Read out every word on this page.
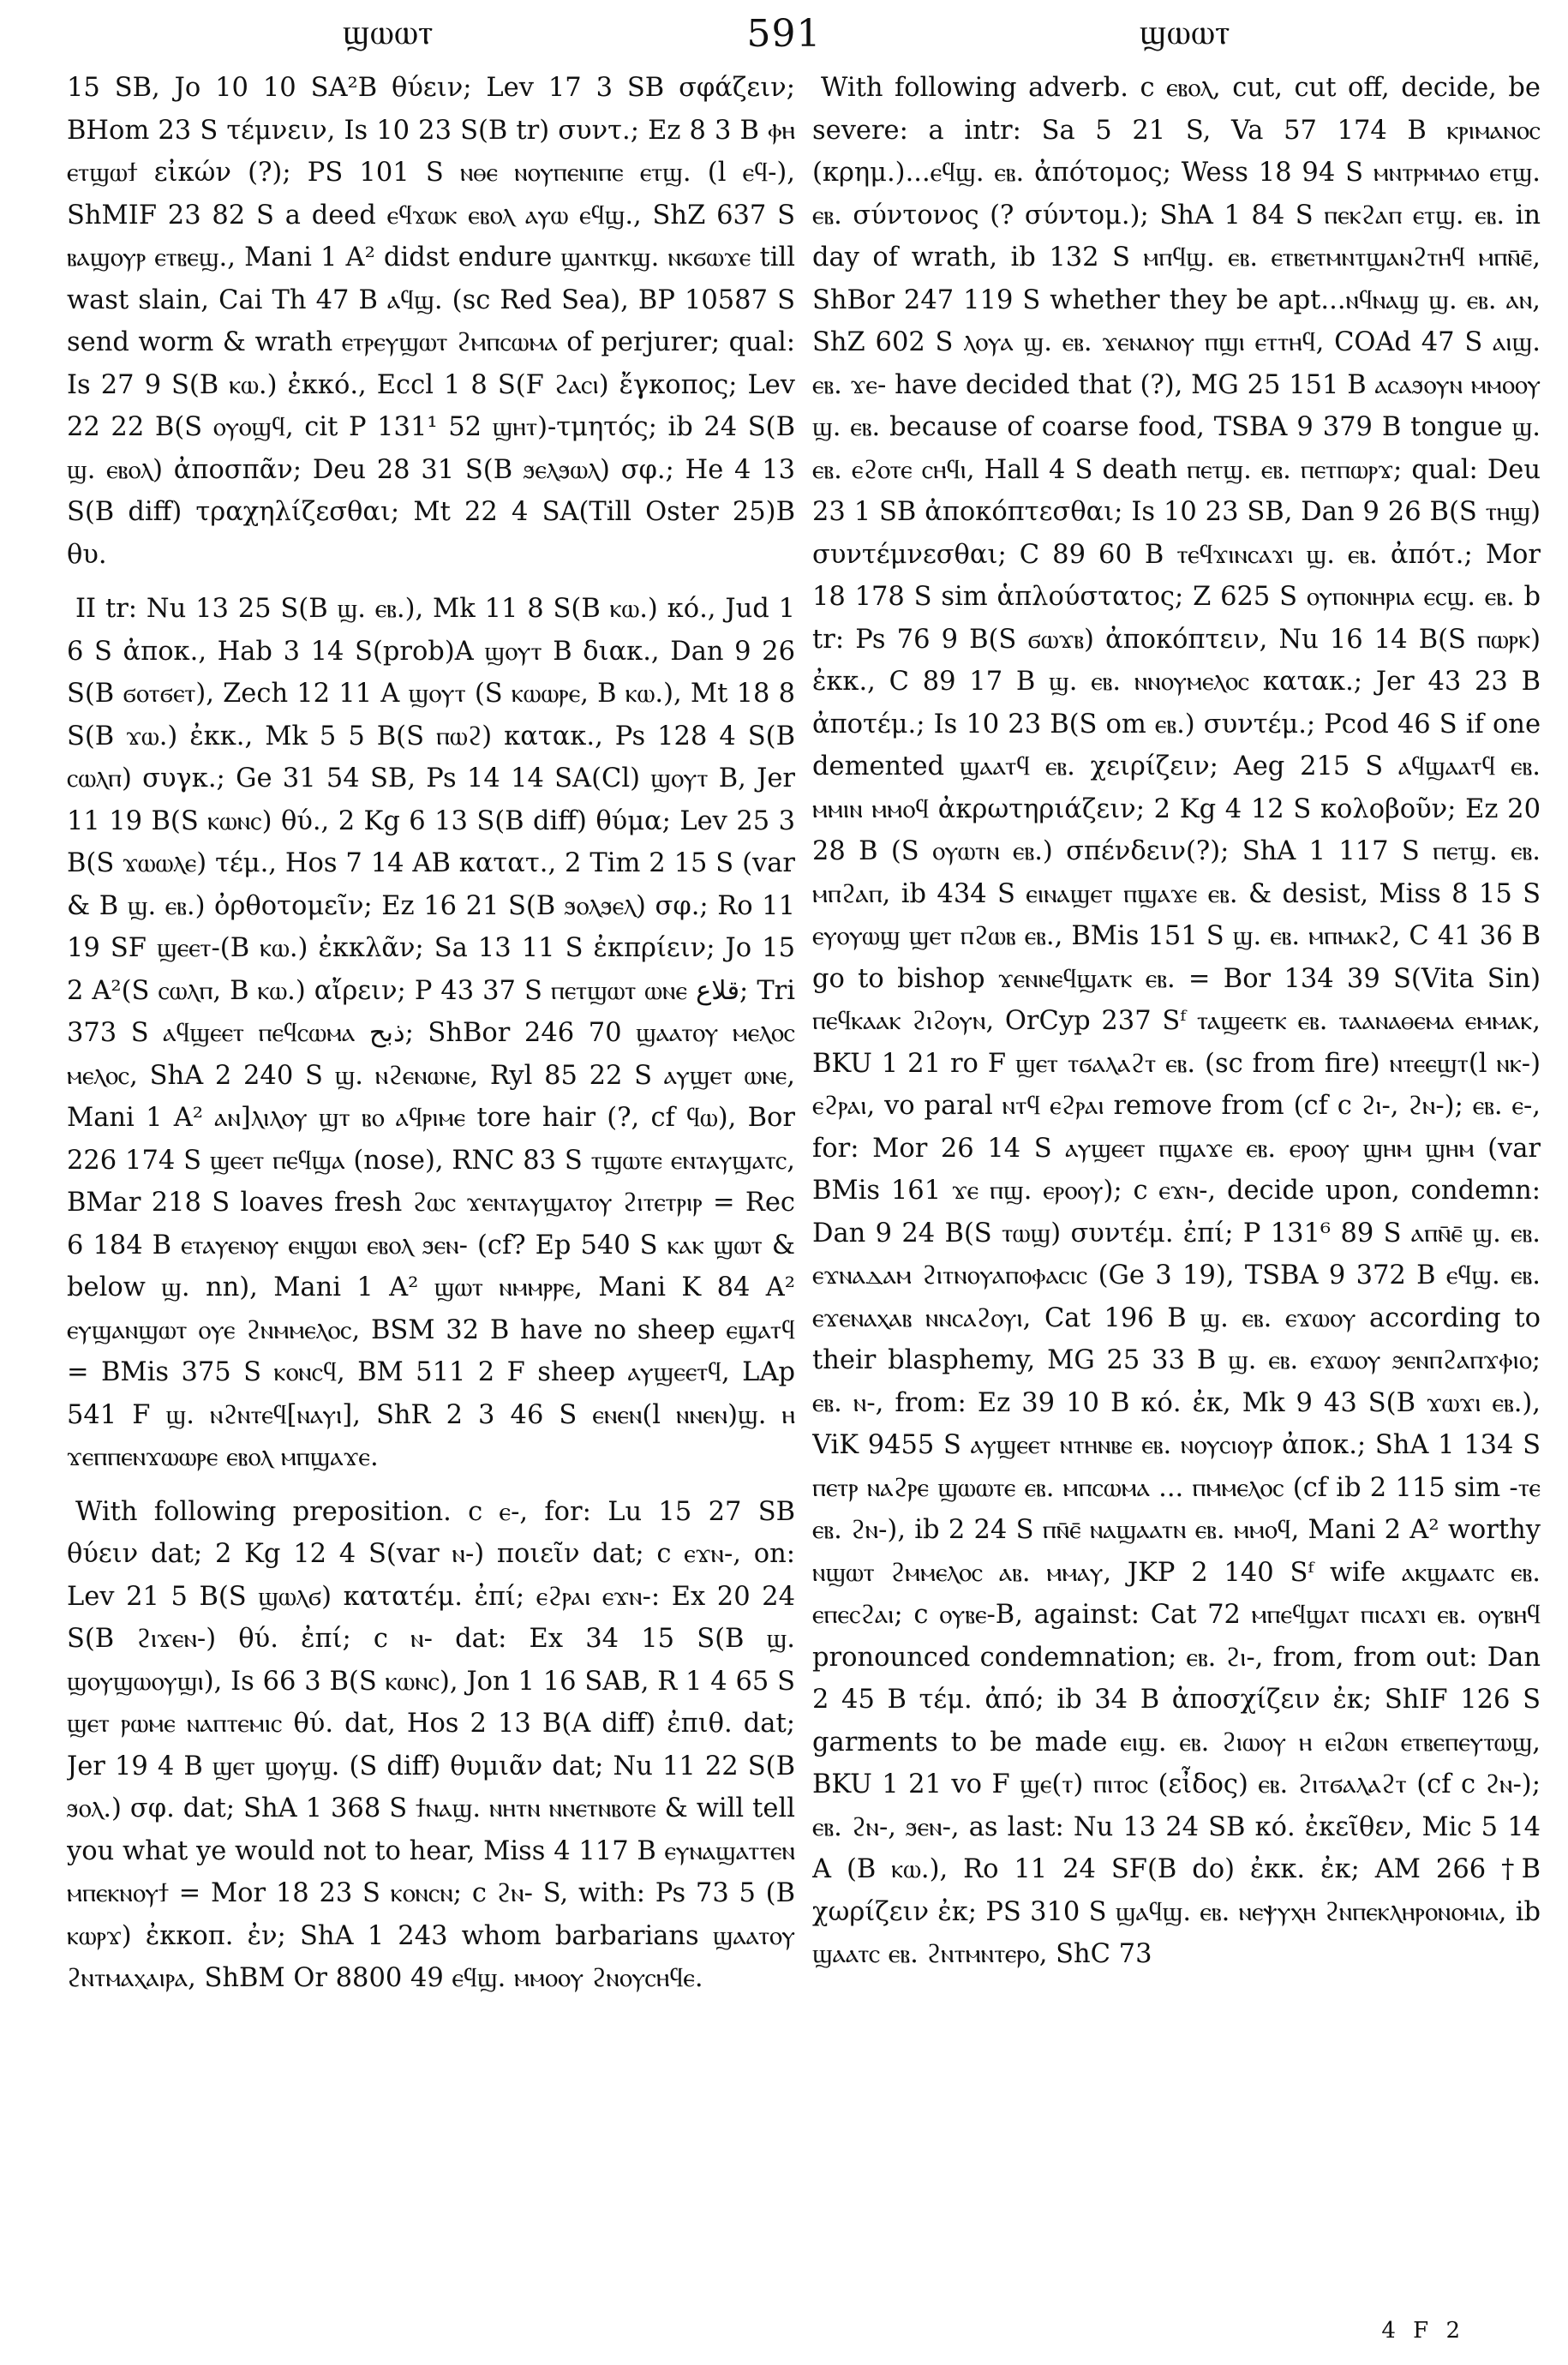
ϣⲱⲱⲧ	591	ϣⲱⲱⲧ

15 SB, Jo 10 10 SA²B θύειν; Lev 17 3 SB σφάζειν; BHom 23 S τέμνειν, Is 10 23 S(B tr) συντ.; Ez 8 3 B ⲫⲏ ⲉⲧϣⲱϯ εἰκών (?); PS 101 S ⲛⲑⲉ ⲛⲟⲩⲡⲉⲛⲓⲡⲉ ⲉⲧϣ. (l ⲉϥ-), ShMIF 23 82 S a deed ⲉϥϫⲱⲕ ⲉⲃⲟⲗ ⲁⲩⲱ ⲉϥϣ., ShZ 637 S ⲃⲁϣⲟⲩⲣ ⲉⲧⲃⲉϣ., Mani 1 A² didst endure ϣⲁⲛⲧⲕϣ. ⲛⲕϭⲱϫⲉ till wast slain, Cai Th 47 B ⲁϥϣ. (sc Red Sea), BP 10587 S send worm & wrath ⲉⲧⲣⲉⲩϣⲱⲧ ϩⲙⲡⲥⲱⲙⲁ of perjurer; qual: Is 27 9 S(B ⲕⲱ.) ἐκκό., Eccl 1 8 S(F ϩⲁⲥⲓ) ἔγκοπος; Lev 22 22 B(S ⲟⲩⲟϣϥ, cit P 131¹ 52 ϣⲏⲧ)-τμητός; ib 24 S(B ϣ. ⲉⲃⲟⲗ) ἀποσπᾶν; Deu 28 31 S(B ϧⲉⲗϧⲱⲗ) σφ.; He 4 13 S(B diff) τραχηλίζεσθαι; Mt 22 4 SA(Till Oster 25)B θυ.

II tr: Nu 13 25 S(B ϣ. ⲉⲃ.), Mk 11 8 S(B ⲕⲱ.) κό., Jud 1 6 S ἀποκ., Hab 3 14 S(prob)A ϣⲟⲩⲧ B διακ., Dan 9 26 S(B ϭⲟⲧϭⲉⲧ), Zech 12 11 A ϣⲟⲩⲧ (S ⲕⲱⲱⲣⲉ, B ⲕⲱ.), Mt 18 8 S(B ϫⲱ.) ἐκκ., Mk 5 5 B(S ⲡⲱϩ) κατακ., Ps 128 4 S(B ⲥⲱⲗⲡ) συγκ.; Ge 31 54 SB, Ps 14 14 SA(Cl) ϣⲟⲩⲧ B, Jer 11 19 B(S ⲕⲱⲛⲥ) θύ., 2 Kg 6 13 S(B diff) θύμα; Lev 25 3 B(S ϫⲱⲱⲗⲉ) τέμ., Hos 7 14 AB κατατ., 2 Tim 2 15 S (var & B ϣ. ⲉⲃ.) ὀρθοτομεῖν; Ez 16 21 S(B ϧⲟⲗϧⲉⲗ) σφ.; Ro 11 19 SF ϣⲉⲉⲧ-(B ⲕⲱ.) ἐκκλᾶν; Sa 13 11 S ἐκπρίειν; Jo 15 2 A²(S ⲥⲱⲗⲡ, B ⲕⲱ.) αἴρειν; P 43 37 S ⲡⲉⲧϣⲱⲧ ⲱⲛⲉ قلاع; Tri 373 S ⲁϥϣⲉⲉⲧ ⲡⲉϥⲥⲱⲙⲁ ذبح; ShBor 246 70 ϣⲁⲁⲧⲟⲩ ⲙⲉⲗⲟⲥ ⲙⲉⲗⲟⲥ, ShA 2 240 S ϣ. ⲛϩⲉⲛⲱⲛⲉ, Ryl 85 22 S ⲁⲩϣⲉⲧ ⲱⲛⲉ, Mani 1 A² ⲁⲛ]ⲗⲓⲗⲟⲩ ϣⲧ ⲃⲟ ⲁϥⲣⲓⲙⲉ tore hair (?, cf ϥⲱ), Bor 226 174 S ϣⲉⲉⲧ ⲡⲉϥϣⲁ (nose), RNC 83 S ⲧϣⲱⲧⲉ ⲉⲛⲧⲁⲩϣⲁⲧⲥ, BMar 218 S loaves fresh ϩⲱⲥ ϫⲉⲛⲧⲁⲩϣⲁⲧⲟⲩ ϩⲓⲧⲉⲧⲣⲓⲣ = Rec 6 184 B ⲉⲧⲁⲩⲉⲛⲟⲩ ⲉⲛϣⲱⲓ ⲉⲃⲟⲗ ϧⲉⲛ- (cf? Ep 540 S ⲕⲁⲕ ϣⲱⲧ & below ϣ. nn), Mani 1 A² ϣⲱⲧ ⲛⲙⲙⲣⲣⲉ, Mani K 84 A² ⲉⲩϣⲁⲛϣⲱⲧ ⲟⲩⲉ ϩⲛⲙⲙⲉⲗⲟⲥ, BSM 32 B have no sheep ⲉϣⲁⲧϥ = BMis 375 S ⲕⲟⲛⲥϥ, BM 511 2 F sheep ⲁⲩϣⲉⲉⲧϥ, LAp 541 F ϣ. ⲛϩⲛⲧⲉϥ[ⲛⲁⲩⲓ], ShR 2 3 46 S ⲉⲛⲉⲛ(l ⲛⲛⲉⲛ)ϣ. ⲏ ϫⲉⲡⲡⲉⲛϫⲱⲱⲣⲉ ⲉⲃⲟⲗ ⲙⲡϣⲁϫⲉ.

With following preposition. c ⲉ-, for: Lu 15 27 SB θύειν dat; 2 Kg 12 4 S(var ⲛ-) ποιεῖν dat; c ⲉϫⲛ-, on: Lev 21 5 B(S ϣⲱⲗϭ) κατατέμ. ἐπί; ⲉϩⲣⲁⲓ ⲉϫⲛ-: Ex 20 24 S(B ϩⲓϫⲉⲛ-) θύ. ἐπί; c ⲛ- dat: Ex 34 15 S(B ϣ. ϣⲟⲩϣⲱⲟⲩϣⲓ), Is 66 3 B(S ⲕⲱⲛⲥ), Jon 1 16 SAB, R 1 4 65 S ϣⲉⲧ ⲣⲱⲙⲉ ⲛⲁⲡⲧⲉⲙⲓⲥ θύ. dat, Hos 2 13 B(A diff) ἐπιθ. dat; Jer 19 4 B ϣⲉⲧ ϣⲟⲩϣ. (S diff) θυμιᾶν dat; Nu 11 22 S(B ϧⲟⲗ.) σφ. dat; ShA 1 368 S ϯⲛⲁϣ. ⲛⲏⲧⲛ ⲛⲛⲉⲧⲛⲃⲟⲧⲉ & will tell you what ye would not to hear, Miss 4 117 B ⲉⲩⲛⲁϣⲁⲧⲧⲉⲛ ⲙⲡⲉⲕⲛⲟⲩϯ = Mor 18 23 S ⲕⲟⲛⲥⲛ; c ϩⲛ- S, with: Ps 73 5 (B ⲕⲱⲣϫ) ἐκκοπ. ἐν; ShA 1 243 whom barbarians ϣⲁⲁⲧⲟⲩ ϩⲛⲧⲙⲁⲭⲁⲓⲣⲁ, ShBM Or 8800 49 ⲉϥϣ. ⲙⲙⲟⲟⲩ ϩⲛⲟⲩⲥⲏϥⲉ.

With following adverb. c ⲉⲃⲟⲗ, cut, cut off, decide, be severe: a intr: Sa 5 21 S, Va 57 174 B ⲕⲣⲓⲙⲁⲛⲟⲥ (κρημ.)...ⲉϥϣ. ⲉⲃ. ἀπότομος; Wess 18 94 S ⲙⲛⲧⲣⲙⲙⲁⲟ ⲉⲧϣ. ⲉⲃ. σύντονος (? σύντομ.); ShA 1 84 S ⲡⲉⲕϩⲁⲡ ⲉⲧϣ. ⲉⲃ. in day of wrath, ib 132 S ⲙⲡϥϣ. ⲉⲃ. ⲉⲧⲃⲉⲧⲙⲛⲧϣⲁⲛϩⲧⲏϥ ⲙⲡⲛ̄ⲉ̄, ShBor 247 119 S whether they be apt...ⲛϥⲛⲁϣ ϣ. ⲉⲃ. ⲁⲛ, ShZ 602 S ⲗⲟⲩⲁ ϣ. ⲉⲃ. ϫⲉⲛⲁⲛⲟⲩ ⲡϣⲓ ⲉⲧⲧⲏϥ, COAd 47 S ⲁⲓϣ. ⲉⲃ. ϫⲉ- have decided that (?), MG 25 151 B ⲁⲥⲁϧⲟⲩⲛ ⲙⲙⲟⲟⲩ ϣ. ⲉⲃ. because of coarse food, TSBA 9 379 B tongue ϣ. ⲉⲃ. ⲉϩⲟⲧⲉ ⲥⲏϥⲓ, Hall 4 S death ⲡⲉⲧϣ. ⲉⲃ. ⲡⲉⲧⲡⲱⲣϫ; qual: Deu 23 1 SB ἀποκόπτεσθαι; Is 10 23 SB, Dan 9 26 B(S ⲧⲏϣ) συντέμνεσθαι; C 89 60 B ⲧⲉϥϫⲓⲛⲥⲁϫⲓ ϣ. ⲉⲃ. ἀπότ.; Mor 18 178 S sim ἁπλούστατος; Z 625 S ⲟⲩⲡⲟⲛⲏⲣⲓⲁ ⲉⲥϣ. ⲉⲃ. b tr: Ps 76 9 B(S ϭⲱϫⲃ) ἀποκόπτειν, Nu 16 14 B(S ⲡⲱⲣⲕ) ἐκκ., C 89 17 B ϣ. ⲉⲃ. ⲛⲛⲟⲩⲙⲉⲗⲟⲥ κατακ.; Jer 43 23 B ἀποτέμ.; Is 10 23 B(S om ⲉⲃ.) συντέμ.; Pcod 46 S if one demented ϣⲁⲁⲧϥ ⲉⲃ. χειρίζειν; Aeg 215 S ⲁϥϣⲁⲁⲧϥ ⲉⲃ. ⲙⲙⲓⲛ ⲙⲙⲟϥ ἀκρωτηριάζειν; 2 Kg 4 12 S κολοβοῦν; Ez 20 28 B (S ⲟⲩⲱⲧⲛ ⲉⲃ.) σπένδειν(?); ShA 1 117 S ⲡⲉⲧϣ. ⲉⲃ. ⲙⲡϩⲁⲡ, ib 434 S ⲉⲓⲛⲁϣⲉⲧ ⲡϣⲁϫⲉ ⲉⲃ. & desist, Miss 8 15 S ⲉⲩⲟⲩⲱϣ ϣⲉⲧ ⲡϩⲱⲃ ⲉⲃ., BMis 151 S ϣ. ⲉⲃ. ⲙⲡⲙⲁⲕϩ, C 41 36 B go to bishop ϫⲉⲛⲛⲉϥϣⲁⲧⲕ ⲉⲃ. = Bor 134 39 S(Vita Sin) ⲡⲉϥⲕⲁⲁⲕ ϩⲓϩⲟⲩⲛ, OrCyp 237 Sᶠ ⲧⲁϣⲉⲉⲧⲕ ⲉⲃ. ⲧⲁⲁⲛⲁⲑⲉⲙⲁ ⲉⲙⲙⲁⲕ, BKU 1 21 ro F ϣⲉⲧ ⲧϭⲁⲗⲁϩⲧ ⲉⲃ. (sc from fire) ⲛⲧⲉⲉϣⲧ(l ⲛⲕ-) ⲉϩⲣⲁⲓ, vo paral ⲛⲧϥ ⲉϩⲣⲁⲓ remove from (cf c ϩⲓ-, ϩⲛ-); ⲉⲃ. ⲉ-, for: Mor 26 14 S ⲁⲩϣⲉⲉⲧ ⲡϣⲁϫⲉ ⲉⲃ. ⲉⲣⲟⲟⲩ ϣⲏⲙ ϣⲏⲙ (var BMis 161 ϫⲉ ⲡϣ. ⲉⲣⲟⲟⲩ); c ⲉϫⲛ-, decide upon, condemn: Dan 9 24 B(S ⲧⲱϣ) συντέμ. ἐπί; P 131⁶ 89 S ⲁⲡⲛ̄ⲉ̄ ϣ. ⲉⲃ. ⲉϫⲛⲁⲇⲁⲙ ϩⲓⲧⲛⲟⲩⲁⲡⲟⲫⲁⲥⲓⲥ (Ge 3 19), TSBA 9 372 B ⲉϥϣ. ⲉⲃ. ⲉϫⲉⲛⲁⲭⲁⲃ ⲛⲛⲥⲁϩⲟⲩⲓ, Cat 196 B ϣ. ⲉⲃ. ⲉϫⲱⲟⲩ according to their blasphemy, MG 25 33 B ϣ. ⲉⲃ. ⲉϫⲱⲟⲩ ϧⲉⲛⲡϩⲁⲡϫⲫⲓⲟ; ⲉⲃ. ⲛ-, from: Ez 39 10 B κό. ἐκ, Mk 9 43 S(B ϫⲱϫⲓ ⲉⲃ.), ViK 9455 S ⲁⲩϣⲉⲉⲧ ⲛⲧⲏⲛⲃⲉ ⲉⲃ. ⲛⲟⲩⲥⲓⲟⲩⲣ ἀποκ.; ShA 1 134 S ⲡⲉⲧⲣ ⲛⲁϩⲣⲉ ϣⲱⲱⲧⲉ ⲉⲃ. ⲙⲡⲥⲱⲙⲁ ... ⲡⲙⲙⲉⲗⲟⲥ (cf ib 2 115 sim -ⲧⲉ ⲉⲃ. ϩⲛ-), ib 2 24 S ⲡⲛ̄ⲉ̄ ⲛⲁϣⲁⲁⲧⲛ ⲉⲃ. ⲙⲙⲟϥ, Mani 2 A² worthy ⲛϣⲱⲧ ϩⲙⲙⲉⲗⲟⲥ ⲁⲃ. ⲙⲙⲁⲩ, JKP 2 140 Sᶠ wife ⲁⲕϣⲁⲁⲧⲥ ⲉⲃ. ⲉⲡⲉⲥϩⲁⲓ; c ⲟⲩⲃⲉ-B, against: Cat 72 ⲙⲡⲉϥϣⲁⲧ ⲡⲓⲥⲁϫⲓ ⲉⲃ. ⲟⲩⲃⲏϥ pronounced condemnation; ⲉⲃ. ϩⲓ-, from, from out: Dan 2 45 B τέμ. ἀπό; ib 34 B ἀποσχίζειν ἐκ; ShIF 126 S garments to be made ⲉⲓϣ. ⲉⲃ. ϩⲓⲱⲟⲩ ⲏ ⲉⲓϩⲱⲛ ⲉⲧⲃⲉⲡⲉⲩⲧⲱϣ, BKU 1 21 vo F ϣⲉ(ⲧ) ⲡⲓⲧⲟⲥ (εἶδος) ⲉⲃ. ϩⲓⲧϭⲁⲗⲁϩⲧ (cf c ϩⲛ-); ⲉⲃ. ϩⲛ-, ϧⲉⲛ-, as last: Nu 13 24 SB κό. ἐκεῖθεν, Mic 5 14 A (B ⲕⲱ.), Ro 11 24 SF(B do) ἐκκ. ἐκ; AM 266 †B χωρίζειν ἐκ; PS 310 S ϣⲁϥϣ. ⲉⲃ. ⲛⲉⲯⲩⲭⲏ ϩⲛⲡⲉⲕⲗⲏⲣⲟⲛⲟⲙⲓⲁ, ib ϣⲁⲁⲧⲥ ⲉⲃ. ϩⲛⲧⲙⲛⲧⲉⲣⲟ, ShC 73

4 F 2
